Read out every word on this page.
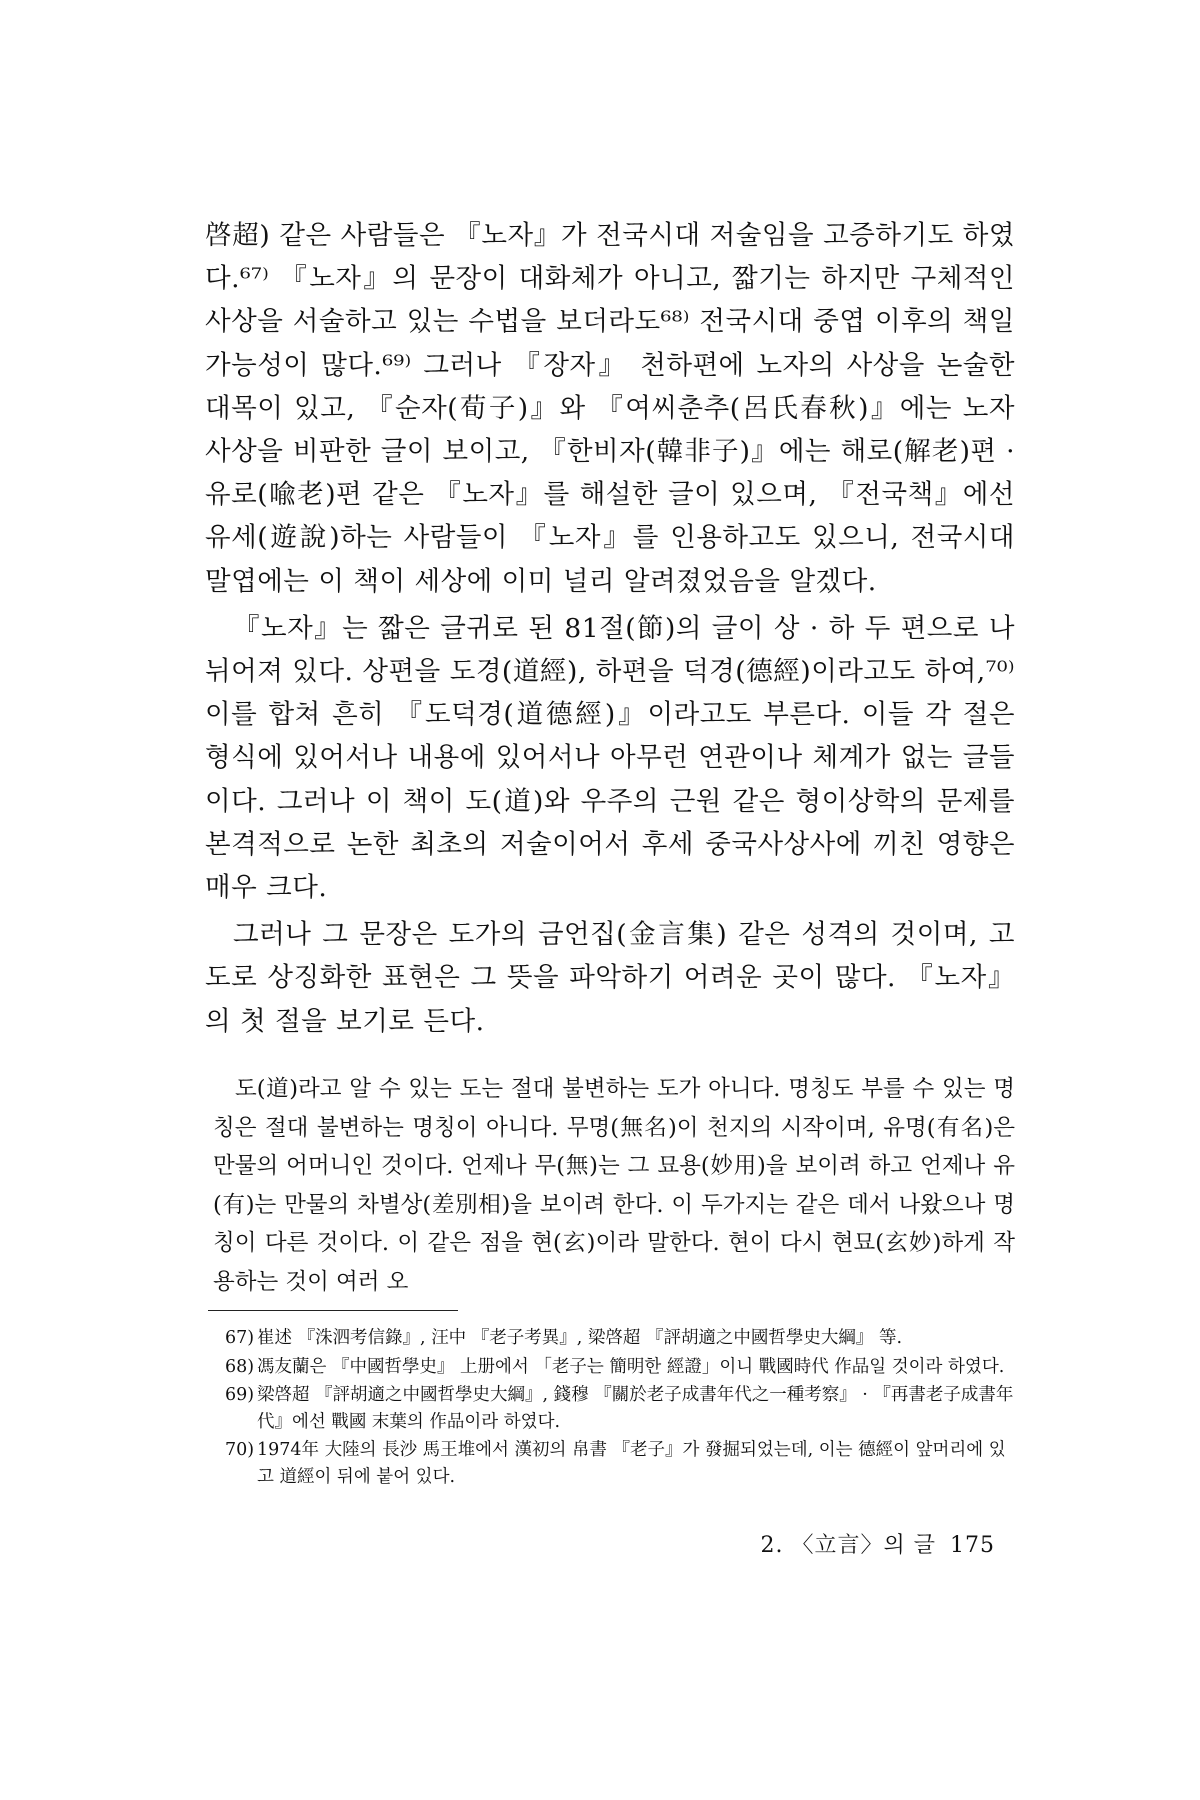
啓超) 같은 사람들은 『노자』가 전국시대 저술임을 고증하기도 하였다.⁶⁷⁾ 『노자』의 문장이 대화체가 아니고, 짧기는 하지만 구체적인 사상을 서술하고 있는 수법을 보더라도⁶⁸⁾ 전국시대 중엽 이후의 책일 가능성이 많다.⁶⁹⁾ 그러나 『장자』 천하편에 노자의 사상을 논술한 대목이 있고, 『순자(荀子)』와 『여씨춘추(呂氏春秋)』에는 노자 사상을 비판한 글이 보이고, 『한비자(韓非子)』에는 해로(解老)편 · 유로(喩老)편 같은 『노자』를 해설한 글이 있으며, 『전국책』에선 유세(遊說)하는 사람들이 『노자』를 인용하고도 있으니, 전국시대 말엽에는 이 책이 세상에 이미 널리 알려졌었음을 알겠다.

『노자』는 짧은 글귀로 된 81절(節)의 글이 상 · 하 두 편으로 나뉘어져 있다. 상편을 도경(道經), 하편을 덕경(德經)이라고도 하여,⁷⁰⁾ 이를 합쳐 흔히 『도덕경(道德經)』이라고도 부른다. 이들 각 절은 형식에 있어서나 내용에 있어서나 아무런 연관이나 체계가 없는 글들이다. 그러나 이 책이 도(道)와 우주의 근원 같은 형이상학의 문제를 본격적으로 논한 최초의 저술이어서 후세 중국사상사에 끼친 영향은 매우 크다.

그러나 그 문장은 도가의 금언집(金言集) 같은 성격의 것이며, 고도로 상징화한 표현은 그 뜻을 파악하기 어려운 곳이 많다. 『노자』의 첫 절을 보기로 든다.

도(道)라고 알 수 있는 도는 절대 불변하는 도가 아니다. 명칭도 부를 수 있는 명칭은 절대 불변하는 명칭이 아니다. 무명(無名)이 천지의 시작이며, 유명(有名)은 만물의 어머니인 것이다. 언제나 무(無)는 그 묘용(妙用)을 보이려 하고 언제나 유(有)는 만물의 차별상(差別相)을 보이려 한다. 이 두가지는 같은 데서 나왔으나 명칭이 다른 것이다. 이 같은 점을 현(玄)이라 말한다. 현이 다시 현묘(玄妙)하게 작용하는 것이 여러 오

67) 崔述 『洙泗考信錄』, 汪中 『老子考異』, 梁啓超 『評胡適之中國哲學史大綱』 等.
68) 馮友蘭은 『中國哲學史』 上册에서 「老子는 簡明한 經證」이니 戰國時代 作品일 것이라 하였다.
69) 梁啓超 『評胡適之中國哲學史大綱』, 錢穆 『關於老子成書年代之一種考察』 · 『再書老子成書年代』에선 戰國 末葉의 作品이라 하였다.
70) 1974年 大陸의 長沙 馬王堆에서 漢初의 帛書 『老子』가 發掘되었는데, 이는 德經이 앞머리에 있고 道經이 뒤에 붙어 있다.
2. 〈立言〉의 글 175
